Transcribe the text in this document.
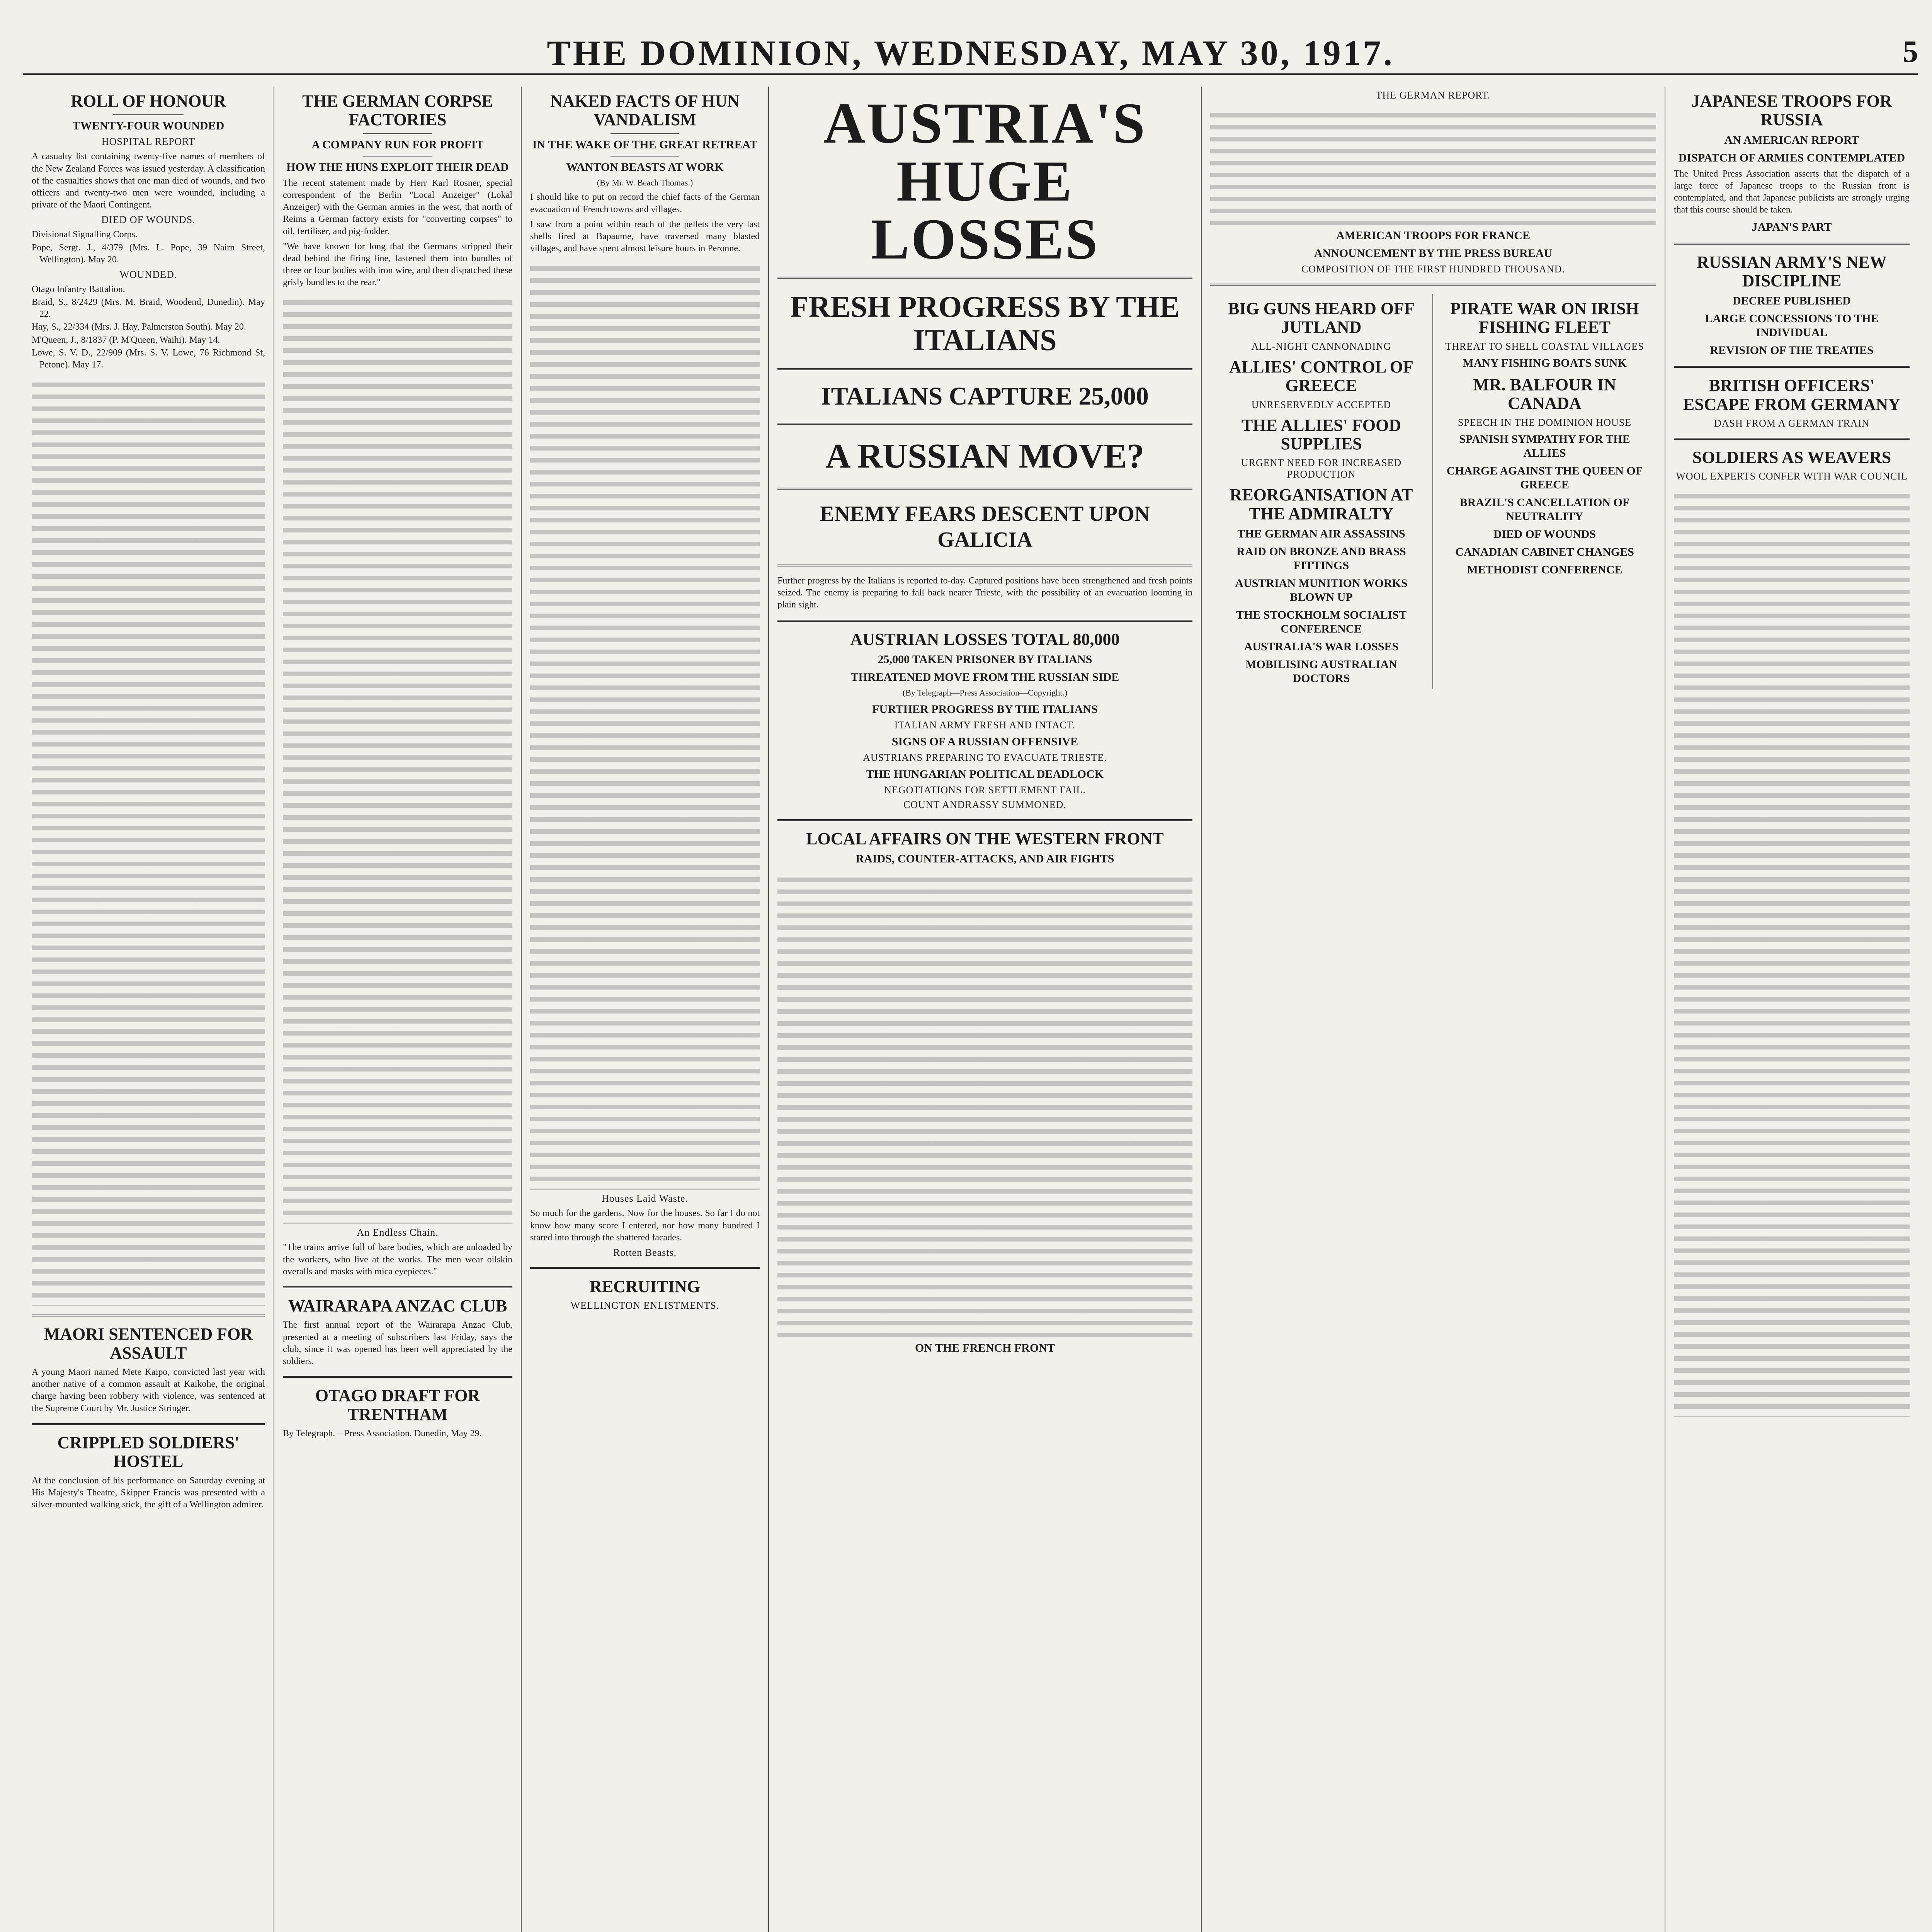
THE DOMINION, WEDNESDAY, MAY 30, 1917.	5
ROLL OF HONOUR
TWENTY-FOUR WOUNDED
HOSPITAL REPORT

A casualty list containing twenty-five names of members of the New Zealand Forces was issued yesterday. A classification of the casualties shows that one man died of wounds, and two officers and twenty-two men were wounded, including a private of the Maori Contingent.

DIED OF WOUNDS.

Divisional Signalling Corps.

Pope, Sergt. J., 4/379 (Mrs. L. Pope, 39 Nairn Street, Wellington). May 20.

WOUNDED.

Otago Infantry Battalion.

Braid, S., 8/2429 (Mrs. M. Braid, Woodend, Dunedin). May 22.

Hay, S., 22/334 (Mrs. J. Hay, Palmerston South). May 20.

M'Queen, J., 8/1837 (P. M'Queen, Waihi). May 14.

Lowe, S. V. D., 22/909 (Mrs. S. V. Lowe, 76 Richmond St, Petone). May 17.

MAORI SENTENCED FOR ASSAULT

A young Maori named Mete Kaipo, convicted last year with another native of a common assault at Kaikohe, the original charge having been robbery with violence, was sentenced at the Supreme Court by Mr. Justice Stringer.

CRIPPLED SOLDIERS' HOSTEL

At the conclusion of his performance on Saturday evening at His Majesty's Theatre, Skipper Francis was presented with a silver-mounted walking stick, the gift of a Wellington admirer.

THE GERMAN CORPSE FACTORIES
A COMPANY RUN FOR PROFIT
HOW THE HUNS EXPLOIT THEIR DEAD

The recent statement made by Herr Karl Rosner, special correspondent of the Berlin "Local Anzeiger" (Lokal Anzeiger) with the German armies in the west, that north of Reims a German factory exists for "converting corpses" to oil, fertiliser, and pig-fodder.

"We have known for long that the Germans stripped their dead behind the firing line, fastened them into bundles of three or four bodies with iron wire, and then dispatched these grisly bundles to the rear."

An Endless Chain.

"The trains arrive full of bare bodies, which are unloaded by the workers, who live at the works. The men wear oilskin overalls and masks with mica eyepieces."

WAIRARAPA ANZAC CLUB

The first annual report of the Wairarapa Anzac Club, presented at a meeting of subscribers last Friday, says the club, since it was opened has been well appreciated by the soldiers.

OTAGO DRAFT FOR TRENTHAM

By Telegraph.—Press Association. Dunedin, May 29.

NAKED FACTS OF HUN VANDALISM
IN THE WAKE OF THE GREAT RETREAT
WANTON BEASTS AT WORK

(By Mr. W. Beach Thomas.)

I should like to put on record the chief facts of the German evacuation of French towns and villages.

I saw from a point within reach of the pellets the very last shells fired at Bapaume, have traversed many blasted villages, and have spent almost leisure hours in Peronne.

Houses Laid Waste.

So much for the gardens. Now for the houses. So far I do not know how many score I entered, nor how many hundred I stared into through the shattered facades.

Rotten Beasts.
RECRUITING
WELLINGTON ENLISTMENTS.
AUSTRIA'S HUGE LOSSES
FRESH PROGRESS BY THE ITALIANS
ITALIANS CAPTURE 25,000
A RUSSIAN MOVE?
ENEMY FEARS DESCENT UPON GALICIA

Further progress by the Italians is reported to-day. Captured positions have been strengthened and fresh points seized. The enemy is preparing to fall back nearer Trieste, with the possibility of an evacuation looming in plain sight.

AUSTRIAN LOSSES TOTAL 80,000
25,000 TAKEN PRISONER BY ITALIANS
THREATENED MOVE FROM THE RUSSIAN SIDE

(By Telegraph—Press Association—Copyright.)

FURTHER PROGRESS BY THE ITALIANS
ITALIAN ARMY FRESH AND INTACT.
SIGNS OF A RUSSIAN OFFENSIVE
AUSTRIANS PREPARING TO EVACUATE TRIESTE.
THE HUNGARIAN POLITICAL DEADLOCK
NEGOTIATIONS FOR SETTLEMENT FAIL.
COUNT ANDRASSY SUMMONED.
LOCAL AFFAIRS ON THE WESTERN FRONT
RAIDS, COUNTER-ATTACKS, AND AIR FIGHTS
ON THE FRENCH FRONT
THE GERMAN REPORT.
AMERICAN TROOPS FOR FRANCE
ANNOUNCEMENT BY THE PRESS BUREAU
COMPOSITION OF THE FIRST HUNDRED THOUSAND.
BIG GUNS HEARD OFF JUTLAND
ALL-NIGHT CANNONADING
ALLIES' CONTROL OF GREECE
UNRESERVEDLY ACCEPTED
THE ALLIES' FOOD SUPPLIES
URGENT NEED FOR INCREASED PRODUCTION
REORGANISATION AT THE ADMIRALTY
THE GERMAN AIR ASSASSINS
RAID ON BRONZE AND BRASS FITTINGS
AUSTRIAN MUNITION WORKS BLOWN UP
THE STOCKHOLM SOCIALIST CONFERENCE
AUSTRALIA'S WAR LOSSES
MOBILISING AUSTRALIAN DOCTORS
PIRATE WAR ON IRISH FISHING FLEET
THREAT TO SHELL COASTAL VILLAGES
MANY FISHING BOATS SUNK
MR. BALFOUR IN CANADA
SPEECH IN THE DOMINION HOUSE
SPANISH SYMPATHY FOR THE ALLIES
CHARGE AGAINST THE QUEEN OF GREECE
BRAZIL'S CANCELLATION OF NEUTRALITY
DIED OF WOUNDS
CANADIAN CABINET CHANGES
METHODIST CONFERENCE
JAPANESE TROOPS FOR RUSSIA
AN AMERICAN REPORT
DISPATCH OF ARMIES CONTEMPLATED

The United Press Association asserts that the dispatch of a large force of Japanese troops to the Russian front is contemplated, and that Japanese publicists are strongly urging that this course should be taken.

JAPAN'S PART
RUSSIAN ARMY'S NEW DISCIPLINE
DECREE PUBLISHED
LARGE CONCESSIONS TO THE INDIVIDUAL
REVISION OF THE TREATIES
BRITISH OFFICERS' ESCAPE FROM GERMANY
DASH FROM A GERMAN TRAIN
SOLDIERS AS WEAVERS
WOOL EXPERTS CONFER WITH WAR COUNCIL
